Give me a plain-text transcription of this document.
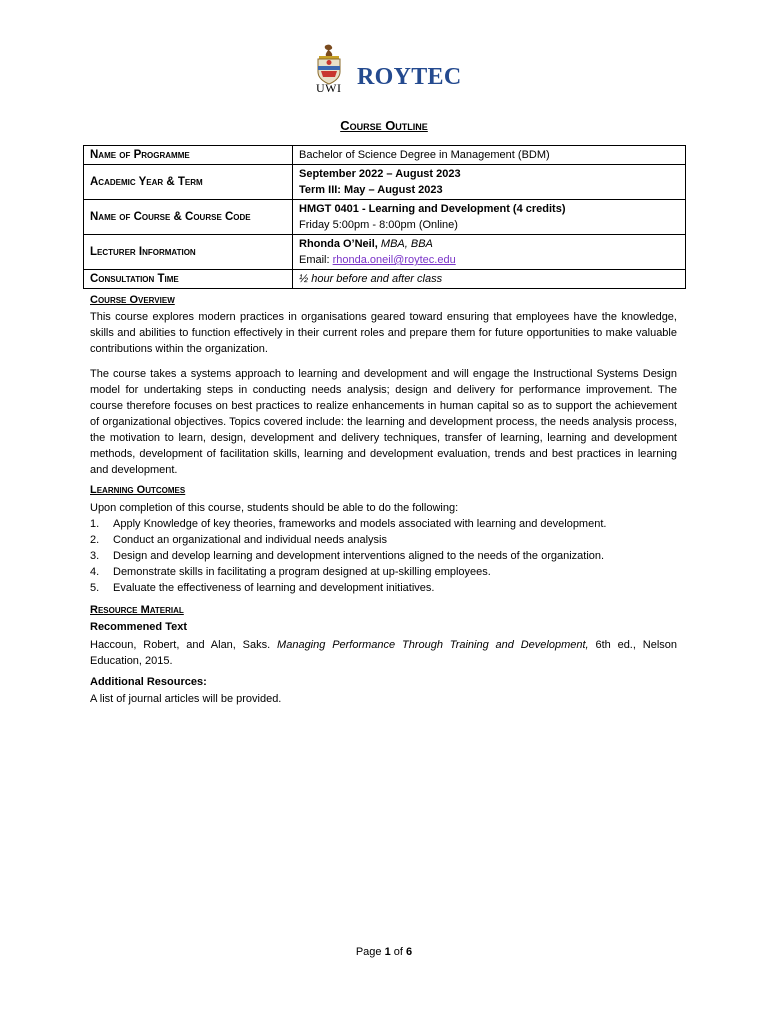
UWI ROYTEC
Course Outline
Name of Programme	Bachelor of Science Degree in Management (BDM)
Academic Year & Term	September 2022 – August 2023
Term III: May – August 2023

Name of Course & Course Code	HMGT 0401 - Learning and Development (4 credits)
Friday 5:00pm - 8:00pm (Online)

Lecturer Information	Rhonda O’Neil, MBA, BBA
Email: rhonda.oneil@roytec.edu

Consultation Time	½ hour before and after class
Course Overview

This course explores modern practices in organisations geared toward ensuring that employees have the knowledge, skills and abilities to function effectively in their current roles and prepare them for future opportunities to make valuable contributions within the organization.

The course takes a systems approach to learning and development and will engage the Instructional Systems Design model for undertaking steps in conducting needs analysis; design and delivery for performance improvement. The course therefore focuses on best practices to realize enhancements in human capital so as to support the achievement of organizational objectives. Topics covered include: the learning and development process, the needs analysis process, the motivation to learn, design, development and delivery techniques, transfer of learning, learning and development methods, development of facilitation skills, learning and development evaluation, trends and best practices in learning and development.

Learning Outcomes
Upon completion of this course, students should be able to do the following:
1. Apply Knowledge of key theories, frameworks and models associated with learning and development.
2. Conduct an organizational and individual needs analysis
3. Design and develop learning and development interventions aligned to the needs of the organization.
4. Demonstrate skills in facilitating a program designed at up-skilling employees.
5. Evaluate the effectiveness of learning and development initiatives.
Resource Material
Recommened Text

Haccoun, Robert, and Alan, Saks. Managing Performance Through Training and Development, 6th ed., Nelson Education, 2015.

Additional Resources:
A list of journal articles will be provided.
Page 1 of 6
